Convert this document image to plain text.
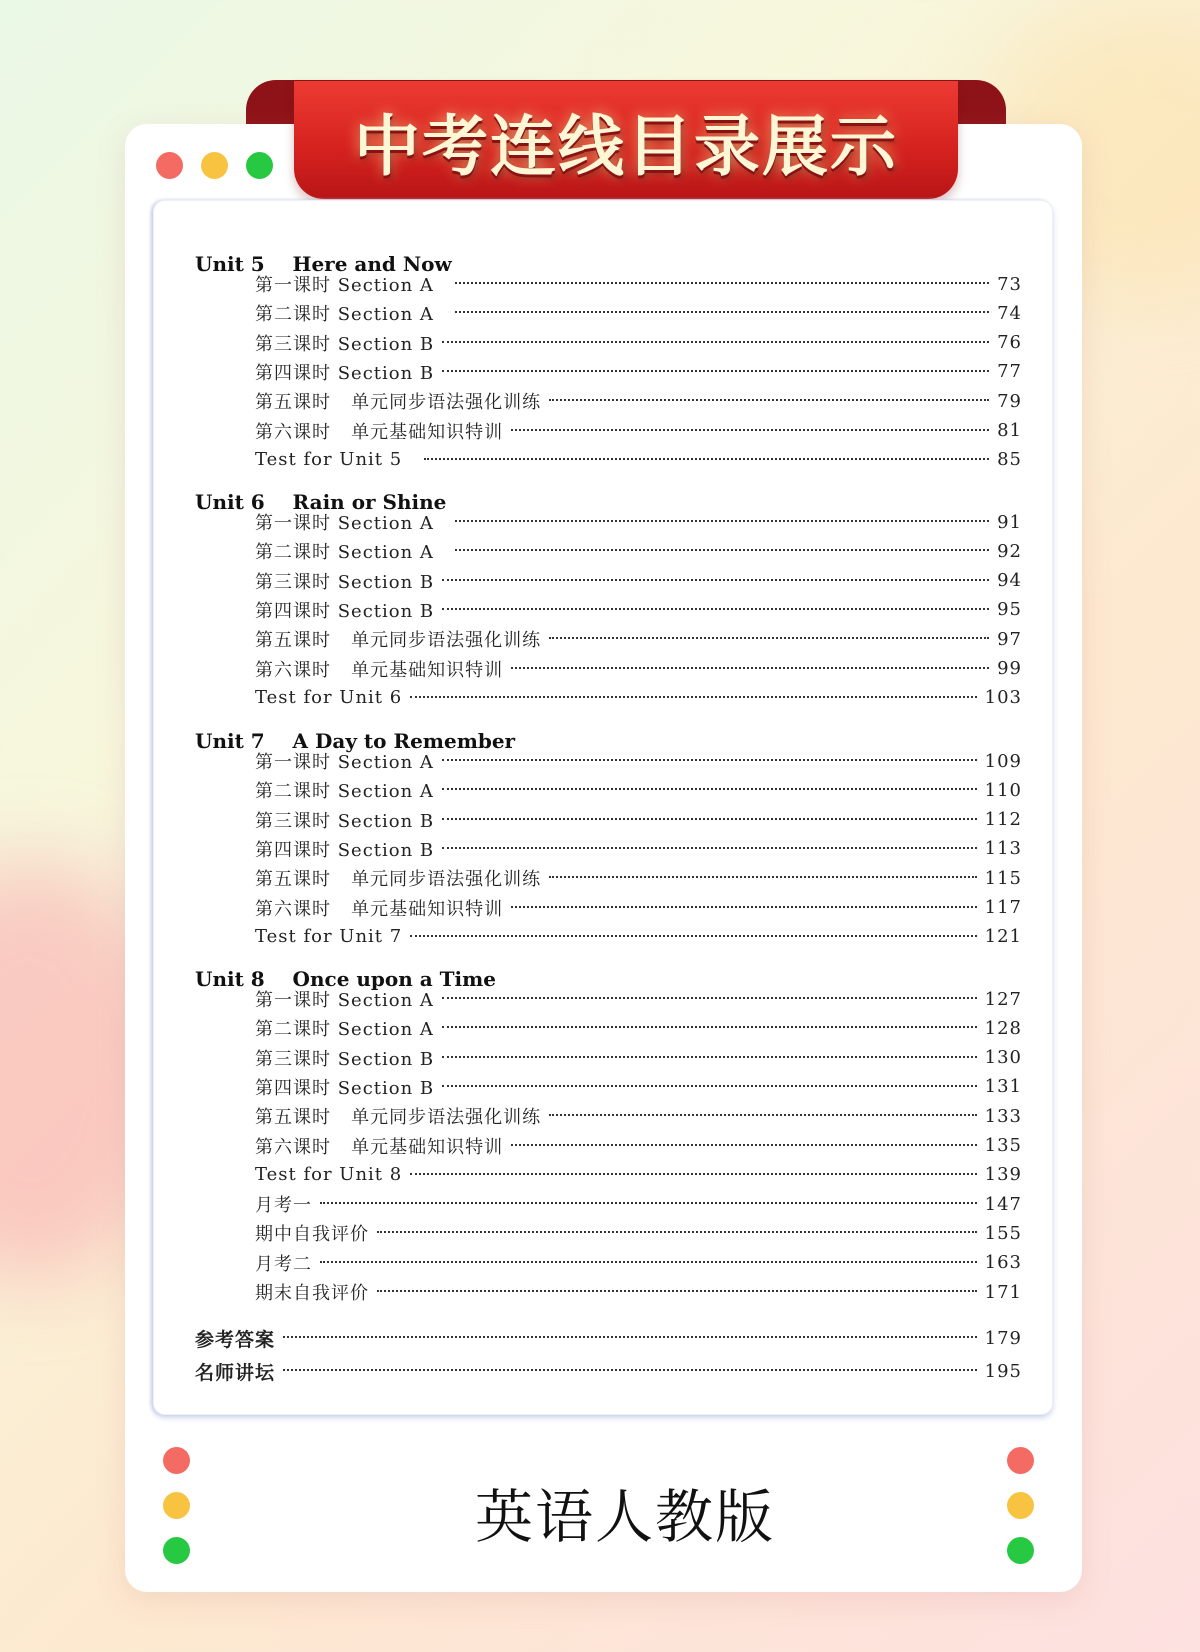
中考连线目录展示
Unit 5    Here and Now
第一课时 Section A	73
第二课时 Section A	74
第三课时 Section B	76
第四课时 Section B	77
第五课时   单元同步语法强化训练	79
第六课时   单元基础知识特训	81
Test for Unit 5	85
Unit 6    Rain or Shine
第一课时 Section A	91
第二课时 Section A	92
第三课时 Section B	94
第四课时 Section B	95
第五课时   单元同步语法强化训练	97
第六课时   单元基础知识特训	99
Test for Unit 6	103
Unit 7    A Day to Remember
第一课时 Section A	109
第二课时 Section A	110
第三课时 Section B	112
第四课时 Section B	113
第五课时   单元同步语法强化训练	115
第六课时   单元基础知识特训	117
Test for Unit 7	121
Unit 8    Once upon a Time
第一课时 Section A	127
第二课时 Section A	128
第三课时 Section B	130
第四课时 Section B	131
第五课时   单元同步语法强化训练	133
第六课时   单元基础知识特训	135
Test for Unit 8	139
月考一	147
期中自我评价	155
月考二	163
期末自我评价	171
参考答案	179
名师讲坛	195
英语人教版
